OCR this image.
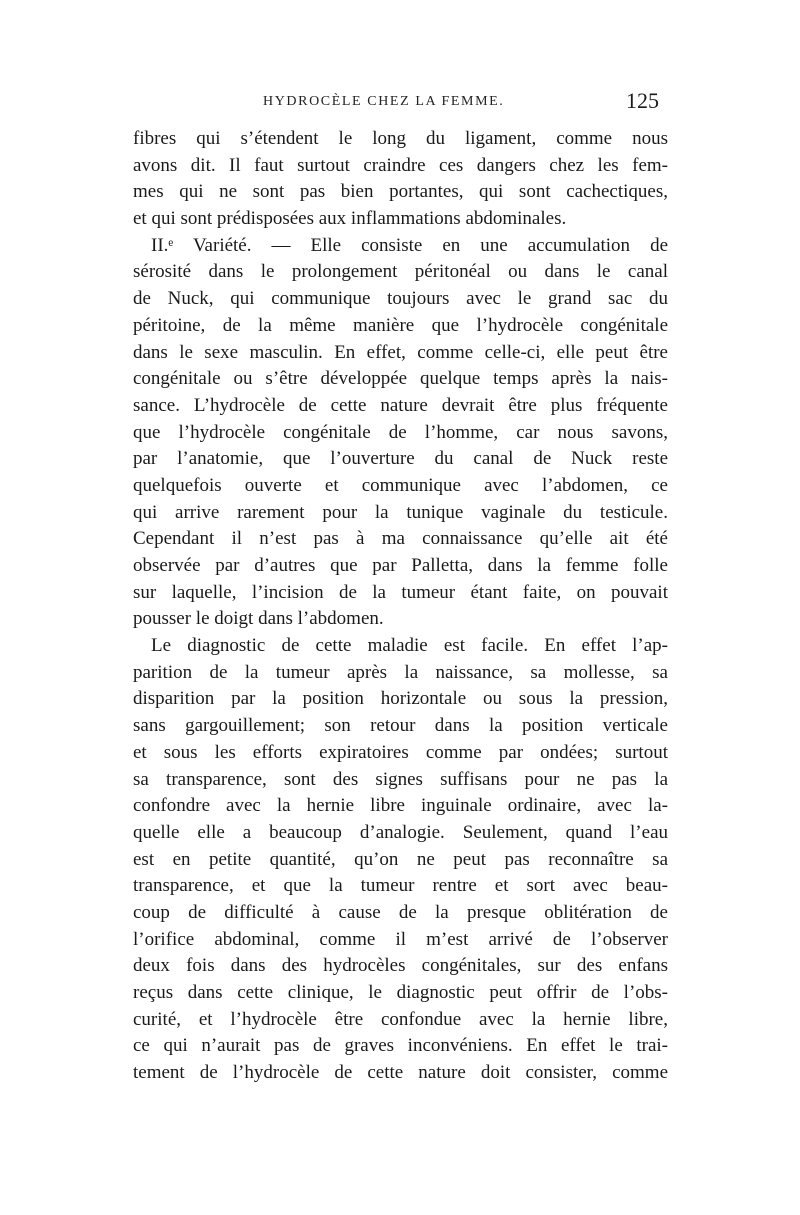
HYDROCÈLE CHEZ LA FEMME.	125
fibres qui s’étendent le long du ligament, comme nous
avons dit. Il faut surtout craindre ces dangers chez les fem-
mes qui ne sont pas bien portantes, qui sont cachectiques,
et qui sont prédisposées aux inflammations abdominales.
II.ᵉ Variété. — Elle consiste en une accumulation de
sérosité dans le prolongement péritonéal ou dans le canal
de Nuck, qui communique toujours avec le grand sac du
péritoine, de la même manière que l’hydrocèle congénitale
dans le sexe masculin. En effet, comme celle-ci, elle peut être
congénitale ou s’être développée quelque temps après la nais-
sance. L’hydrocèle de cette nature devrait être plus fréquente
que l’hydrocèle congénitale de l’homme, car nous savons,
par l’anatomie, que l’ouverture du canal de Nuck reste
quelquefois ouverte et communique avec l’abdomen, ce
qui arrive rarement pour la tunique vaginale du testicule.
Cependant il n’est pas à ma connaissance qu’elle ait été
observée par d’autres que par Palletta, dans la femme folle
sur laquelle, l’incision de la tumeur étant faite, on pouvait
pousser le doigt dans l’abdomen.
Le diagnostic de cette maladie est facile. En effet l’ap-
parition de la tumeur après la naissance, sa mollesse, sa
disparition par la position horizontale ou sous la pression,
sans gargouillement; son retour dans la position verticale
et sous les efforts expiratoires comme par ondées; surtout
sa transparence, sont des signes suffisans pour ne pas la
confondre avec la hernie libre inguinale ordinaire, avec la-
quelle elle a beaucoup d’analogie. Seulement, quand l’eau
est en petite quantité, qu’on ne peut pas reconnaître sa
transparence, et que la tumeur rentre et sort avec beau-
coup de difficulté à cause de la presque oblitération de
l’orifice abdominal, comme il m’est arrivé de l’observer
deux fois dans des hydrocèles congénitales, sur des enfans
reçus dans cette clinique, le diagnostic peut offrir de l’obs-
curité, et l’hydrocèle être confondue avec la hernie libre,
ce qui n’aurait pas de graves inconvéniens. En effet le trai-
tement de l’hydrocèle de cette nature doit consister, comme
